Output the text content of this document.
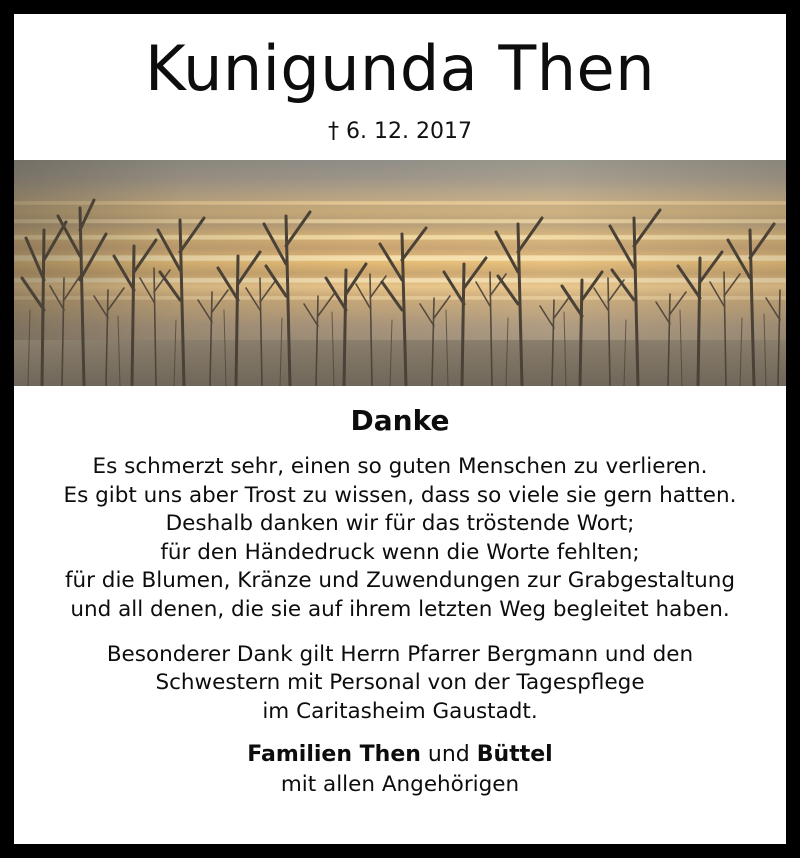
Kunigunda Then
† 6. 12. 2017
Danke

Es schmerzt sehr, einen so guten Menschen zu verlieren.
Es gibt uns aber Trost zu wissen, dass so viele sie gern hatten.
Deshalb danken wir für das tröstende Wort;
für den Händedruck wenn die Worte fehlten;
für die Blumen, Kränze und Zuwendungen zur Grabgestaltung
und all denen, die sie auf ihrem letzten Weg begleitet haben.

Besonderer Dank gilt Herrn Pfarrer Bergmann und den
Schwestern mit Personal von der Tagespflege
im Caritasheim Gaustadt.

Familien Then und Büttel
mit allen Angehörigen
